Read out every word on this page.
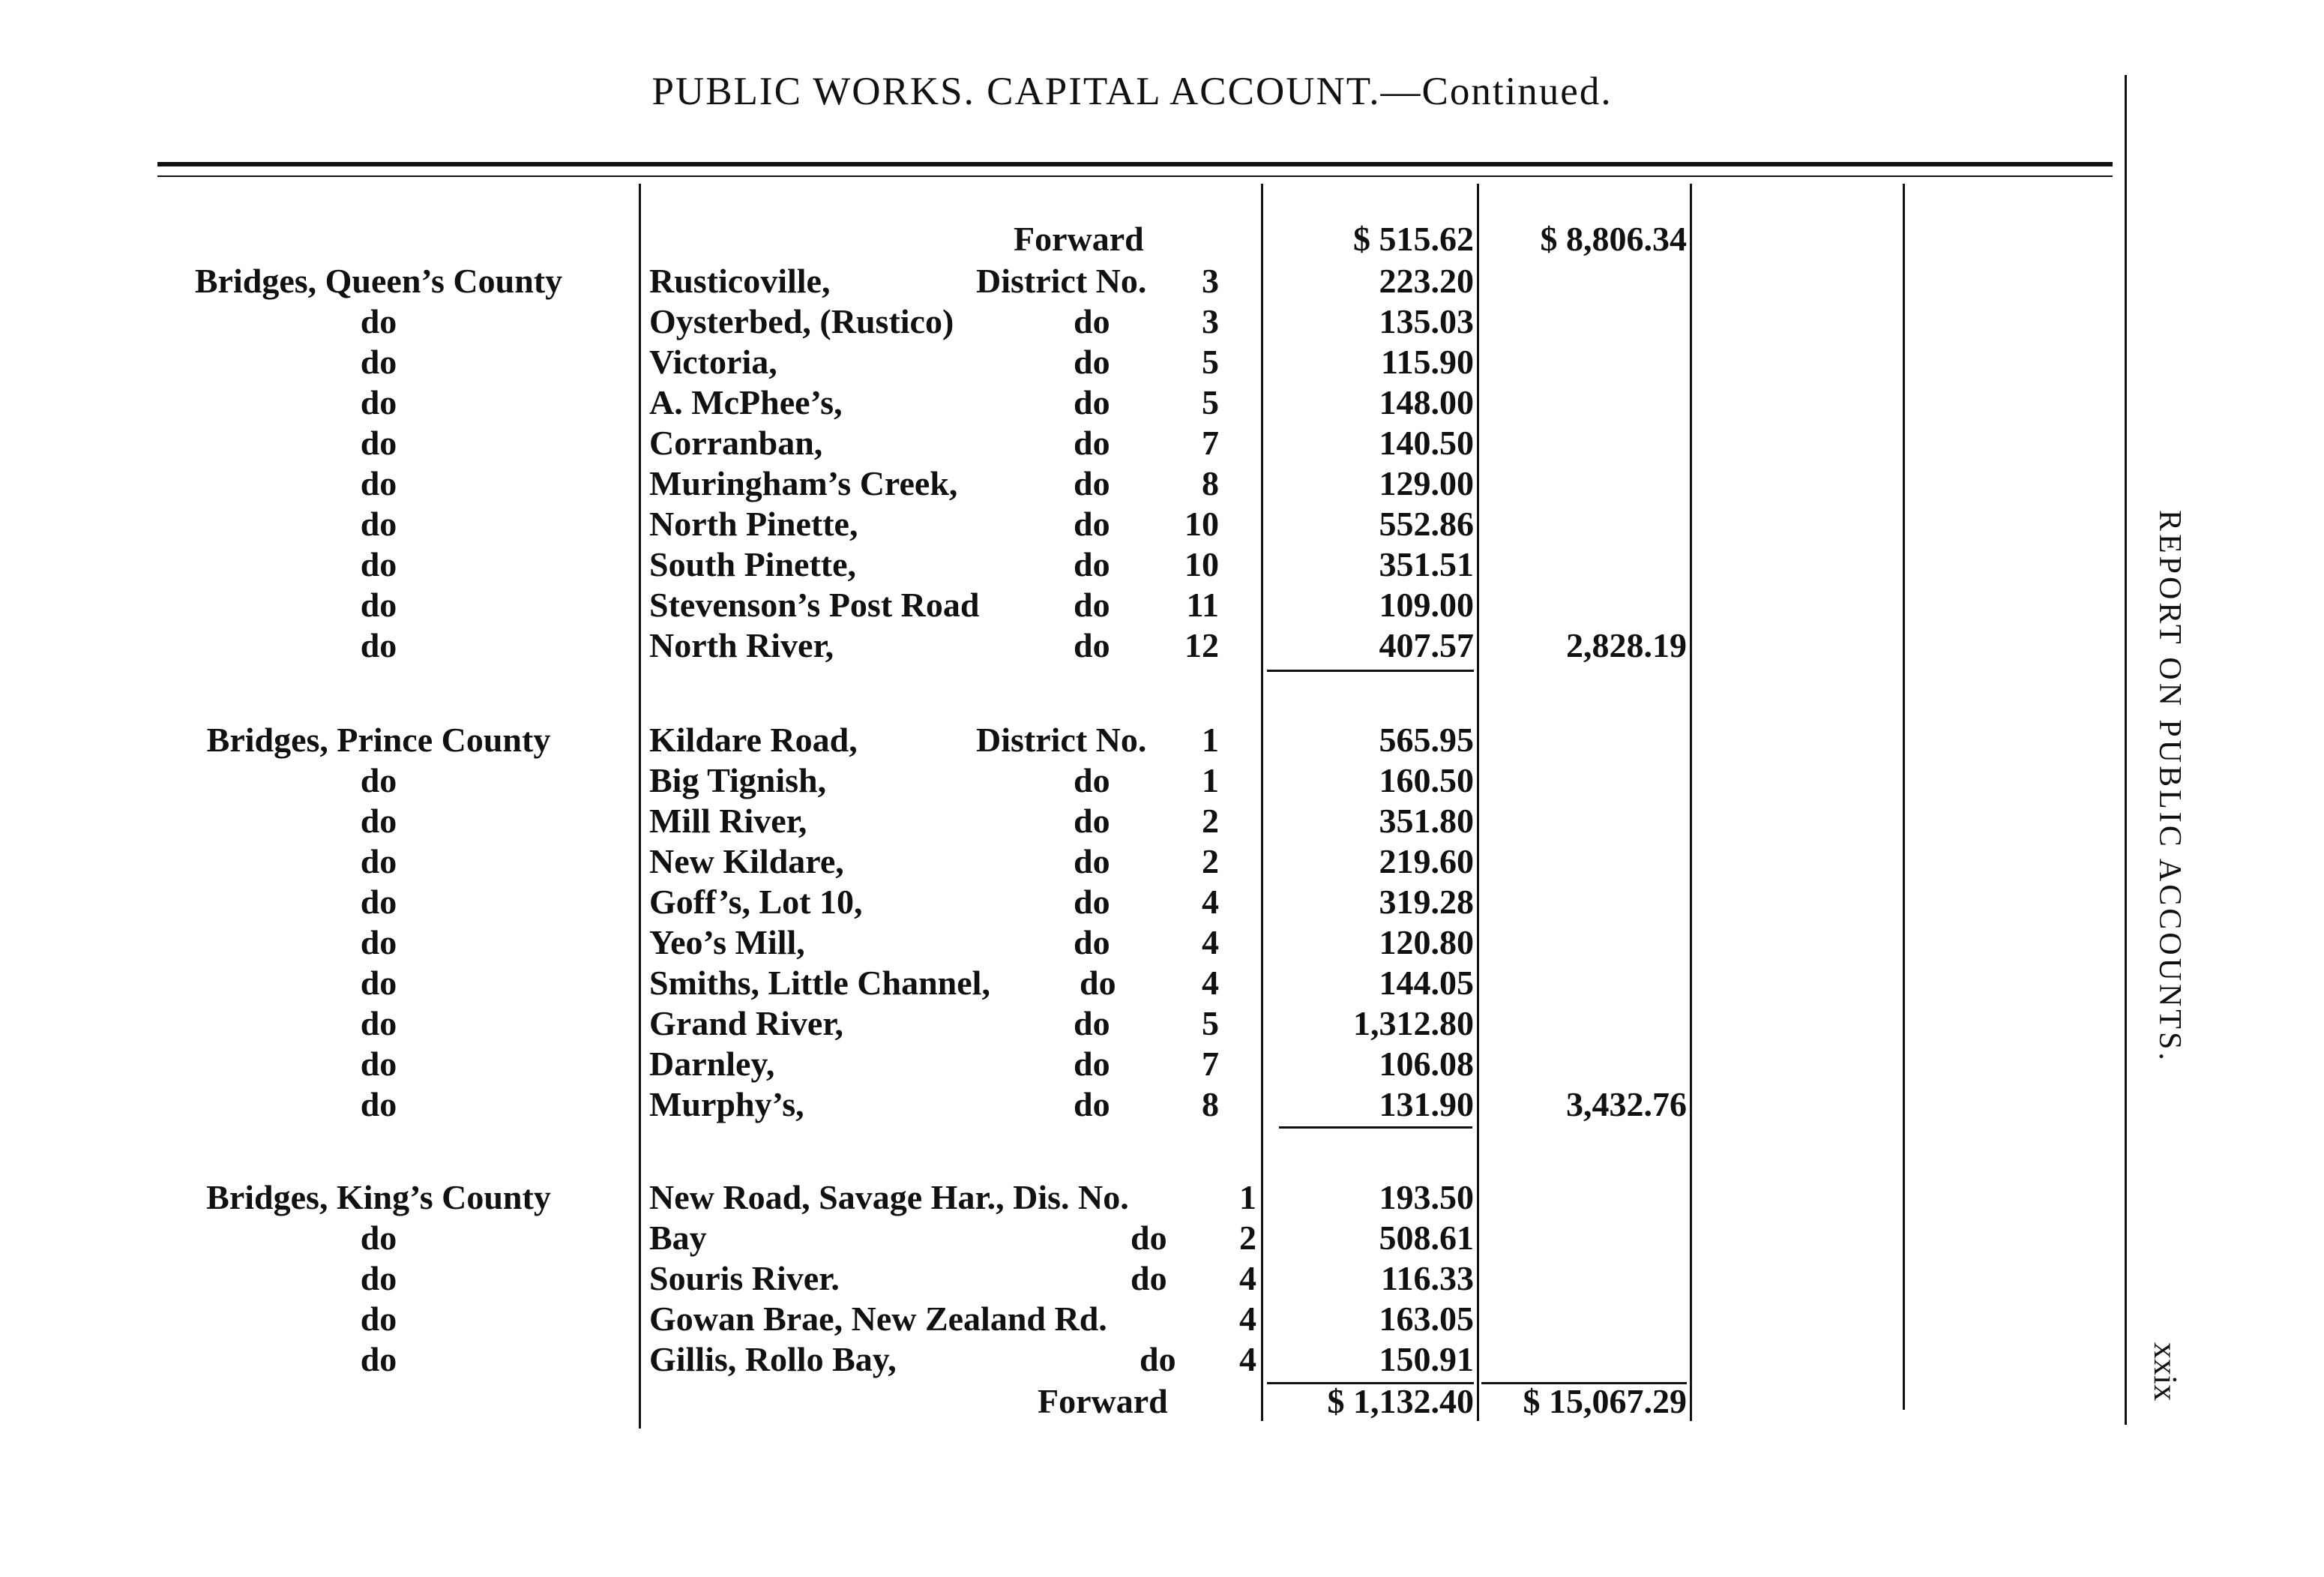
PUBLIC WORKS. CAPITAL ACCOUNT.—Continued.
Forward	$ 515.62	$ 8,806.34
Bridges, Queen’s County	Rusticoville,	District No.	3	223.20
do	Oysterbed, (Rustico)	do	3	135.03
do	Victoria,	do	5	115.90
do	A. McPhee’s,	do	5	148.00
do	Corranban,	do	7	140.50
do	Muringham’s Creek,	do	8	129.00
do	North Pinette,	do	10	552.86
do	South Pinette,	do	10	351.51
do	Stevenson’s Post Road	do	11	109.00
do	North River,	do	12	407.57	2,828.19
Bridges, Prince County	Kildare Road,	District No.	1	565.95
do	Big Tignish,	do	1	160.50
do	Mill River,	do	2	351.80
do	New Kildare,	do	2	219.60
do	Goff’s, Lot 10,	do	4	319.28
do	Yeo’s Mill,	do	4	120.80
do	Smiths, Little Channel,	do	4	144.05
do	Grand River,	do	5	1,312.80
do	Darnley,	do	7	106.08
do	Murphy’s,	do	8	131.90	3,432.76
Bridges, King’s County	New Road, Savage Har., Dis. No.	1	193.50
do	Bay	do	2	508.61
do	Souris River.	do	4	116.33
do	Gowan Brae, New Zealand Rd.	4	163.05
do	Gillis, Rollo Bay,	do	4	150.91
Forward	$ 1,132.40	$ 15,067.29
REPORT ON PUBLIC ACCOUNTS.
xxix
